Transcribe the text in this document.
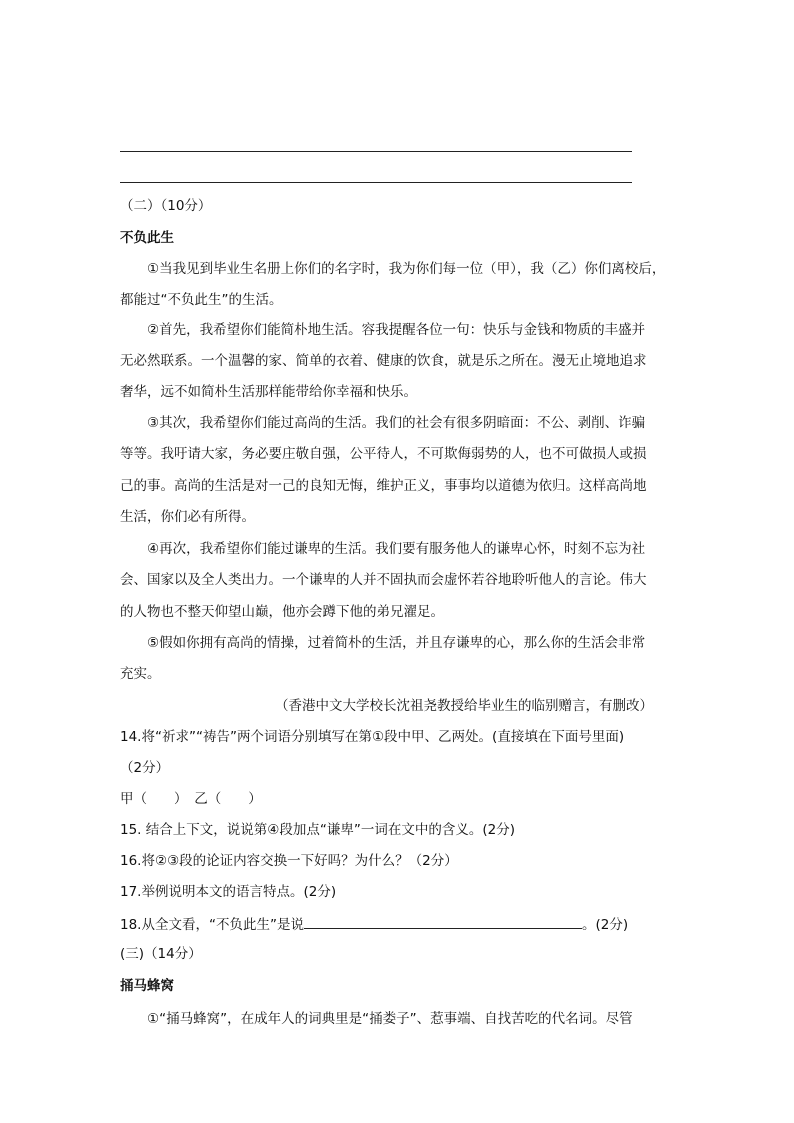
（二）（10分）
不负此生
①当我见到毕业生名册上你们的名字时，我为你们每一位（甲），我（乙）你们离校后，
都能过“不负此生”的生活。
②首先，我希望你们能简朴地生活。容我提醒各位一句：快乐与金钱和物质的丰盛并
无必然联系。一个温馨的家、简单的衣着、健康的饮食，就是乐之所在。漫无止境地追求
奢华，远不如简朴生活那样能带给你幸福和快乐。
③其次，我希望你们能过高尚的生活。我们的社会有很多阴暗面：不公、剥削、诈骗
等等。我吁请大家，务必要庄敬自强，公平待人，不可欺侮弱势的人，也不可做损人或损
己的事。高尚的生活是对一己的良知无悔，维护正义，事事均以道德为依归。这样高尚地
生活，你们必有所得。
④再次，我希望你们能过谦卑的生活。我们要有服务他人的谦卑心怀，时刻不忘为社
会、国家以及全人类出力。一个谦卑的人并不固执而会虚怀若谷地聆听他人的言论。伟大
的人物也不整天仰望山巅，他亦会蹲下他的弟兄濯足。
⑤假如你拥有高尚的情操，过着简朴的生活，并且存谦卑的心，那么你的生活会非常
充实。
（香港中文大学校长沈祖尧教授给毕业生的临别赠言，有删改）
14.将“祈求”“祷告”两个词语分别填写在第①段中甲、乙两处。(直接填在下面号里面)
（2分）
甲（　　）　乙（　　）
15. 结合上下文，说说第④段加点“谦卑”一词在文中的含义。(2分)
16.将②③段的论证内容交换一下好吗？为什么？（2分）
17.举例说明本文的语言特点。(2分)
18.从全文看，“不负此生”是说	。(2分)
(三)（14分）
捅马蜂窝
①“捅马蜂窝”，在成年人的词典里是“捅娄子”、惹事端、自找苦吃的代名词。尽管
